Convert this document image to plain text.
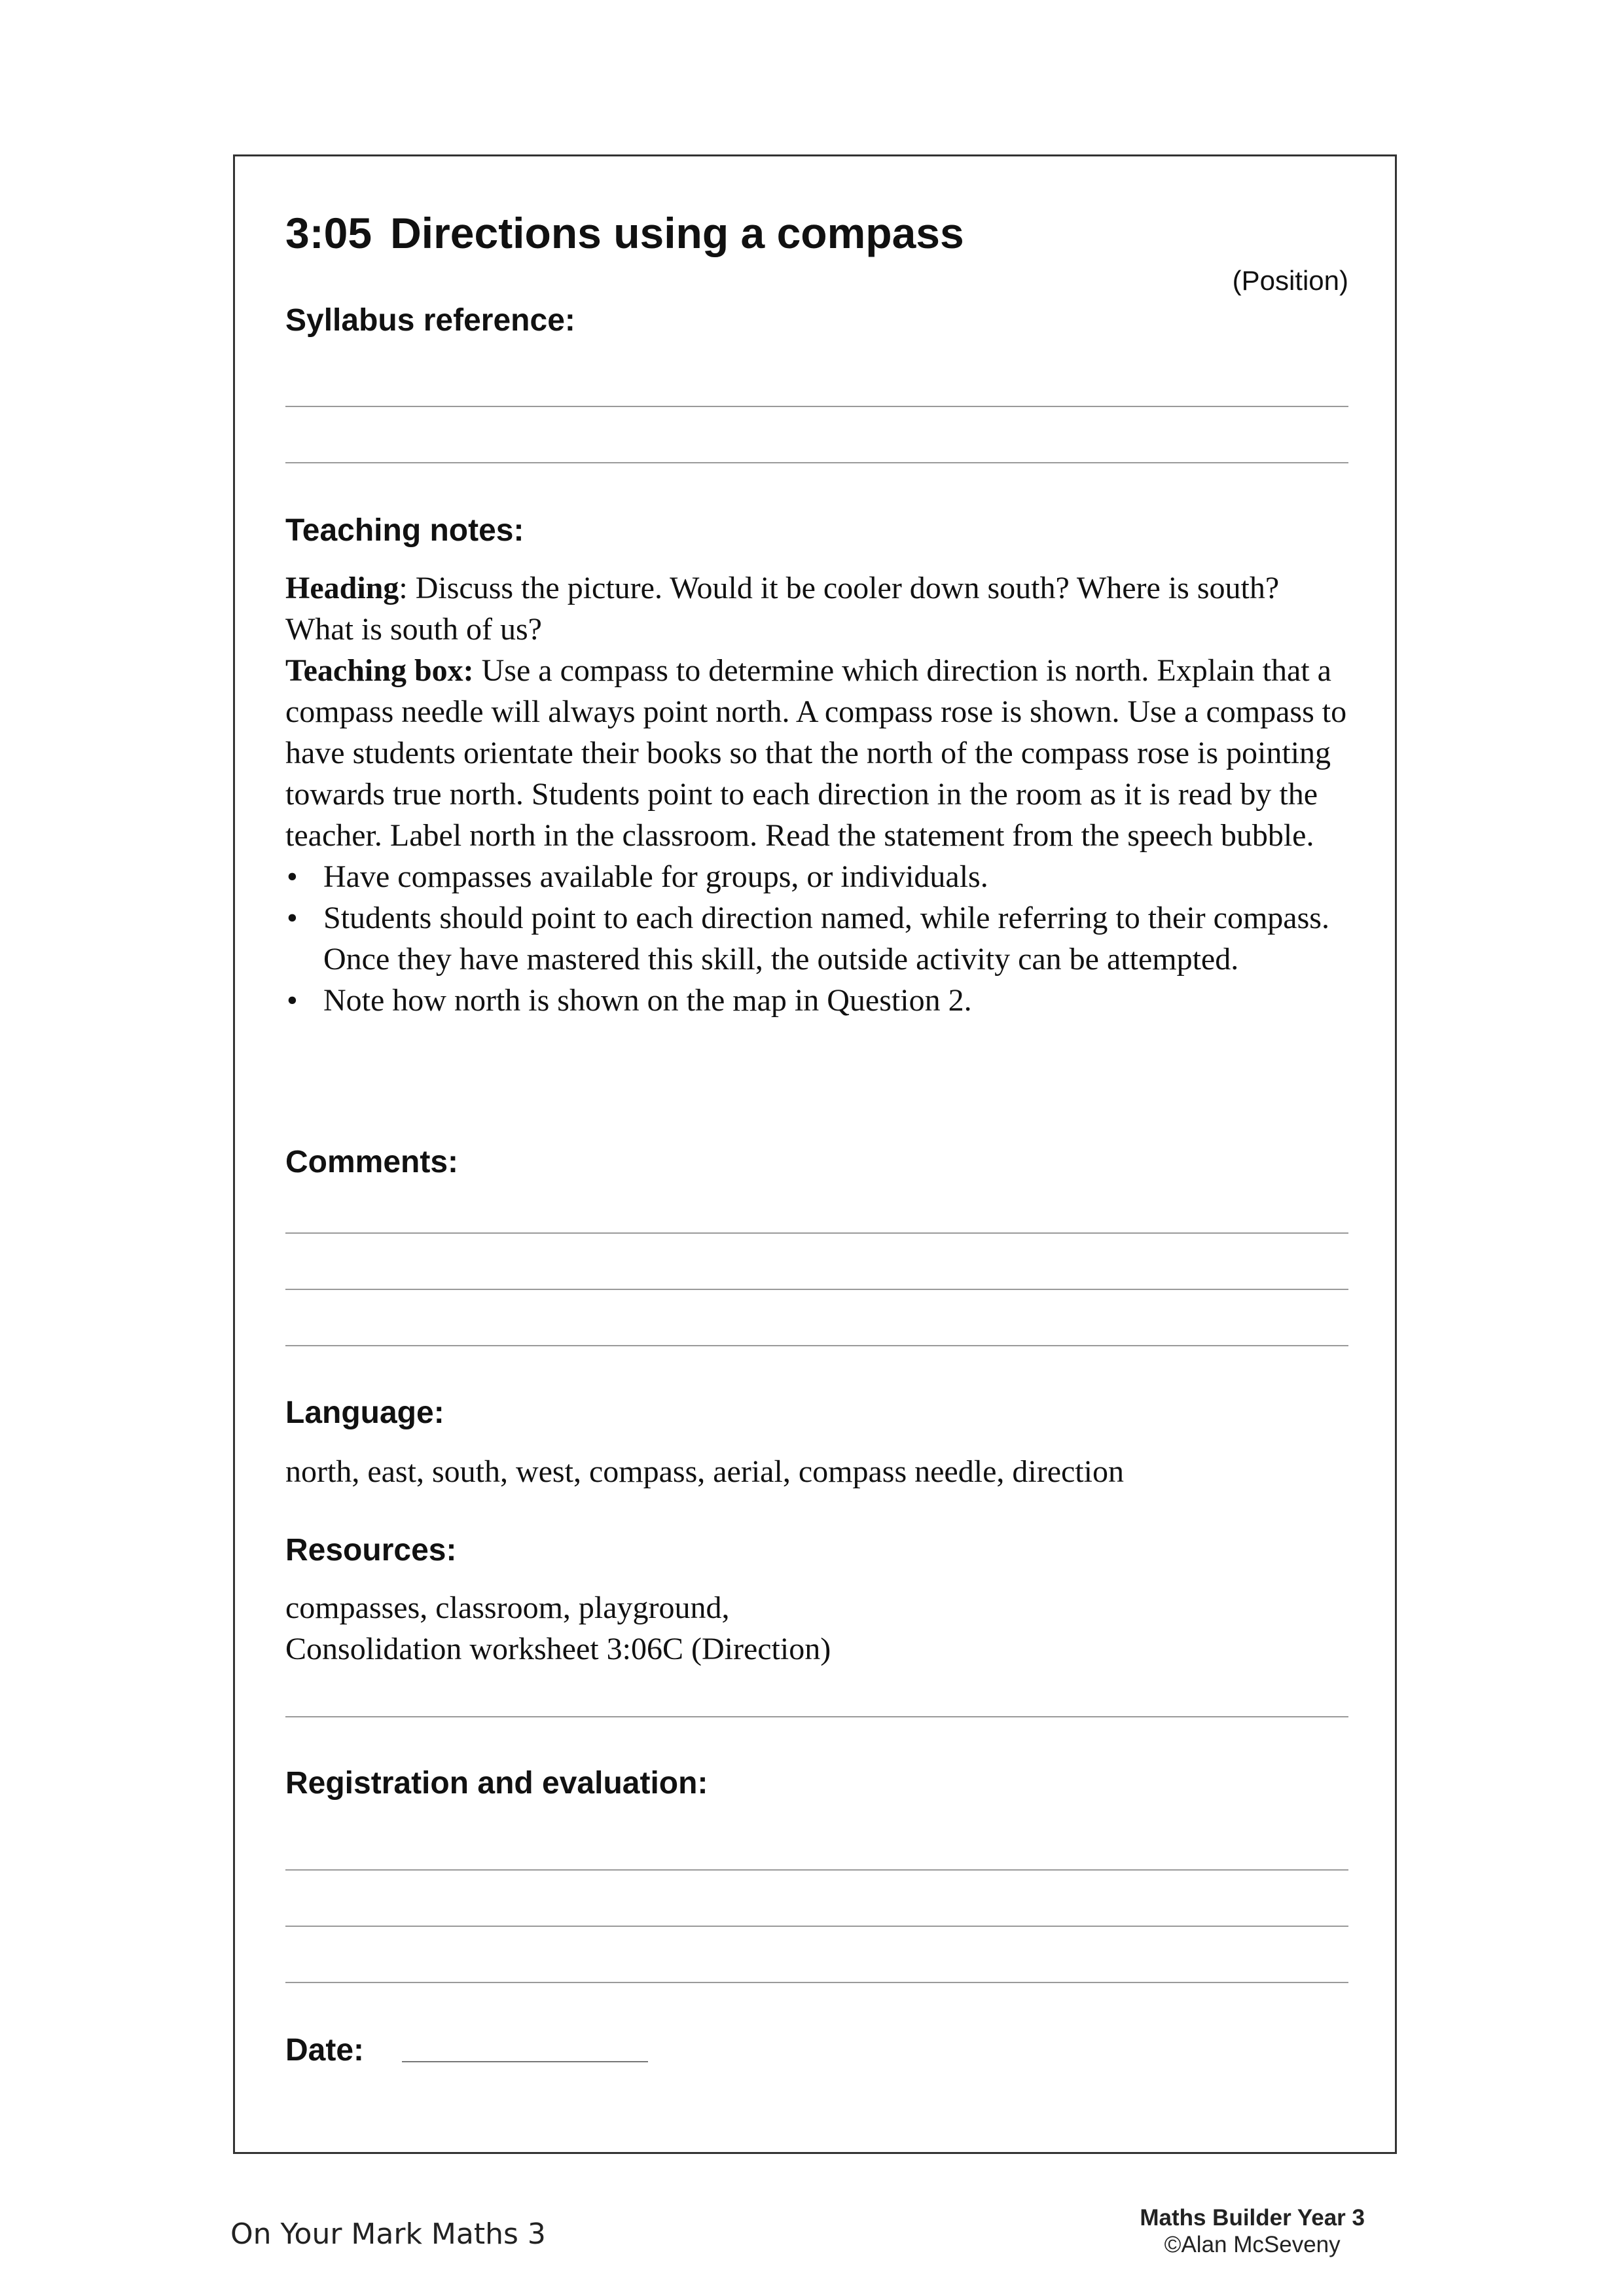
3:05 Directions using a compass
(Position)
Syllabus reference:
Teaching notes:

Heading: Discuss the picture. Would it be cooler down south? Where is south? What is south of us?

Teaching box: Use a compass to determine which direction is north. Explain that a compass needle will always point north. A compass rose is shown. Use a compass to have students orientate their books so that the north of the compass rose is pointing towards true north. Students point to each direction in the room as it is read by the teacher. Label north in the classroom. Read the statement from the speech bubble.

• Have compasses available for groups, or individuals.
• Students should point to each direction named, while referring to their compass. Once they have mastered this skill, the outside activity can be attempted.
• Note how north is shown on the map in Question 2.
Comments:
Language:
north, east, south, west, compass, aerial, compass needle, direction
Resources:

compasses, classroom, playground,

Consolidation worksheet 3:06C (Direction)

Registration and evaluation:
Date:
On Your Mark Maths 3	Maths Builder Year 3
©Alan McSeveny
